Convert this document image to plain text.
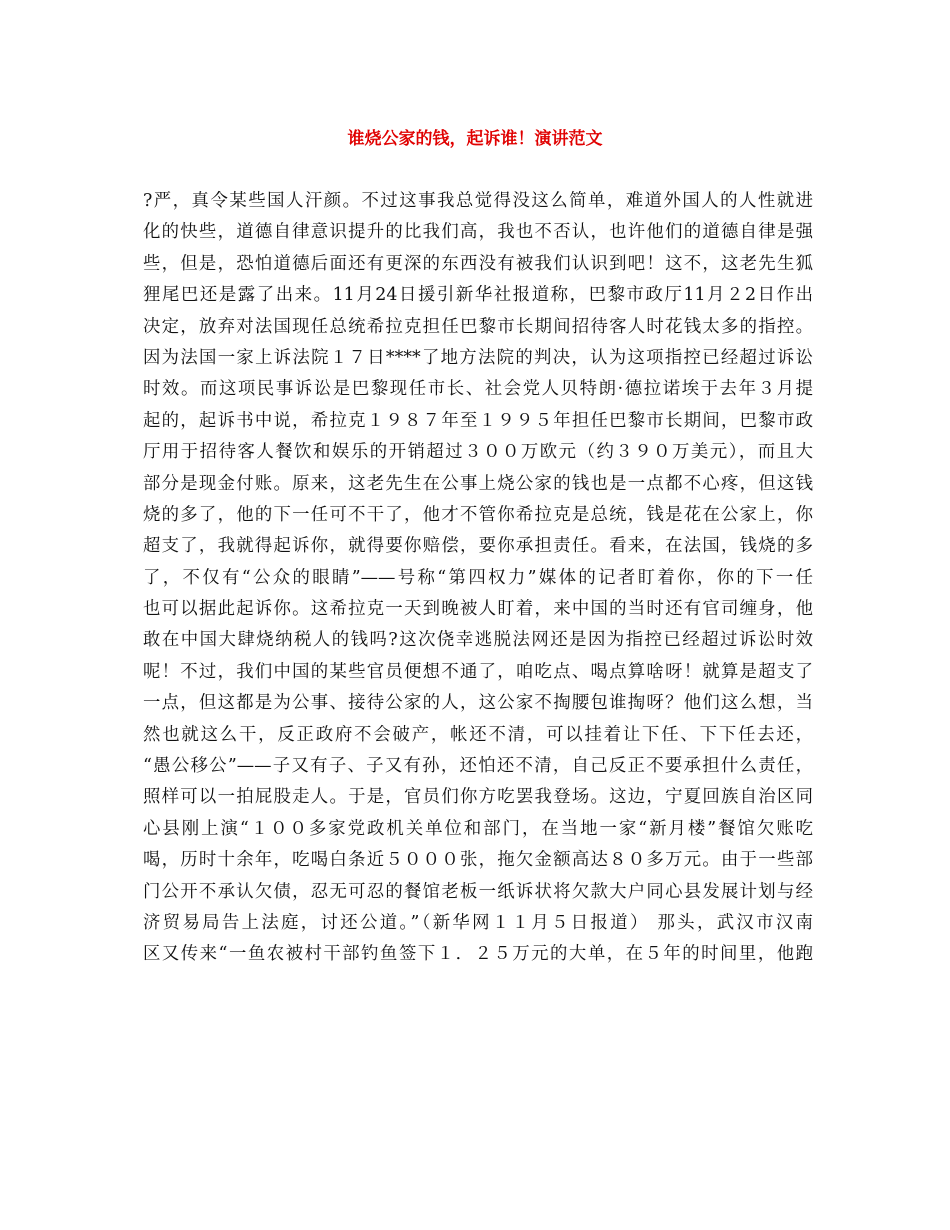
谁烧公家的钱，起诉谁！演讲范文
?严，真令某些国人汗颜。不过这事我总觉得没这么简单，难道外国人的人性就进
化的快些，道德自律意识提升的比我们高，我也不否认，也许他们的道德自律是强
些，但是，恐怕道德后面还有更深的东西没有被我们认识到吧！这不，这老先生狐
狸尾巴还是露了出来。11月24日援引新华社报道称，巴黎市政厅11月２2日作出
决定，放弃对法国现任总统希拉克担任巴黎市长期间招待客人时花钱太多的指控。
因为法国一家上诉法院１７日****了地方法院的判决，认为这项指控已经超过诉讼
时效。而这项民事诉讼是巴黎现任市长、社会党人贝特朗·德拉诺埃于去年３月提
起的，起诉书中说，希拉克１９８７年至１９９５年担任巴黎市长期间，巴黎市政
厅用于招待客人餐饮和娱乐的开销超过３００万欧元（约３９０万美元），而且大
部分是现金付账。原来，这老先生在公事上烧公家的钱也是一点都不心疼，但这钱
烧的多了，他的下一任可不干了，他才不管你希拉克是总统，钱是花在公家上，你
超支了，我就得起诉你，就得要你赔偿，要你承担责任。看来，在法国，钱烧的多
了，不仅有“公众的眼睛”——号称“第四权力”媒体的记者盯着你，你的下一任
也可以据此起诉你。这希拉克一天到晚被人盯着，来中国的当时还有官司缠身，他
敢在中国大肆烧纳税人的钱吗?这次侥幸逃脱法网还是因为指控已经超过诉讼时效
呢！不过，我们中国的某些官员便想不通了，咱吃点、喝点算啥呀！就算是超支了
一点，但这都是为公事、接待公家的人，这公家不掏腰包谁掏呀？他们这么想，当
然也就这么干，反正政府不会破产，帐还不清，可以挂着让下任、下下任去还，
“愚公移公”——子又有子、子又有孙，还怕还不清，自己反正不要承担什么责任，
照样可以一拍屁股走人。于是，官员们你方吃罢我登场。这边，宁夏回族自治区同
心县刚上演“１００多家党政机关单位和部门，在当地一家“新月楼”餐馆欠账吃
喝，历时十余年，吃喝白条近５０００张，拖欠金额高达８０多万元。由于一些部
门公开不承认欠债，忍无可忍的餐馆老板一纸诉状将欠款大户同心县发展计划与经
济贸易局告上法庭，讨还公道。”（新华网１１月５日报道） 那头，武汉市汉南
区又传来“一鱼农被村干部钓鱼签下１．２５万元的大单，在５年的时间里，他跑
